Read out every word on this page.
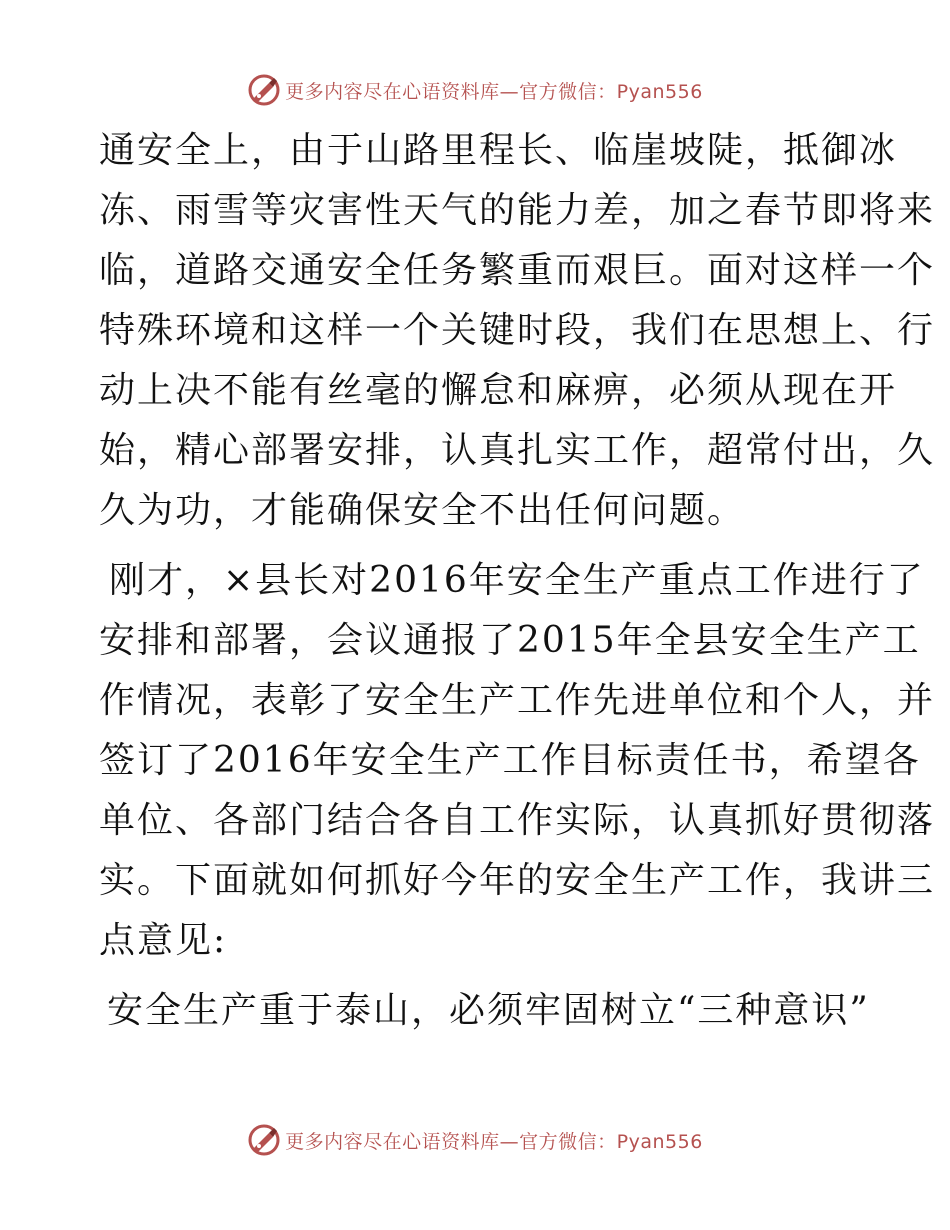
更多内容尽在心语资料库—官方微信：Pyan556
通安全上，由于山路里程长、临崖坡陡，抵御冰
冻、雨雪等灾害性天气的能力差，加之春节即将来
临，道路交通安全任务繁重而艰巨。面对这样一个
特殊环境和这样一个关键时段，我们在思想上、行
动上决不能有丝毫的懈怠和麻痹，必须从现在开
始，精心部署安排，认真扎实工作，超常付出，久
久为功，才能确保安全不出任何问题。
刚才，×县长对2016年安全生产重点工作进行了
安排和部署，会议通报了2015年全县安全生产工
作情况，表彰了安全生产工作先进单位和个人，并
签订了2016年安全生产工作目标责任书，希望各
单位、各部门结合各自工作实际，认真抓好贯彻落
实。下面就如何抓好今年的安全生产工作，我讲三
点意见:
安全生产重于泰山，必须牢固树立“三种意识”
更多内容尽在心语资料库—官方微信：Pyan556
